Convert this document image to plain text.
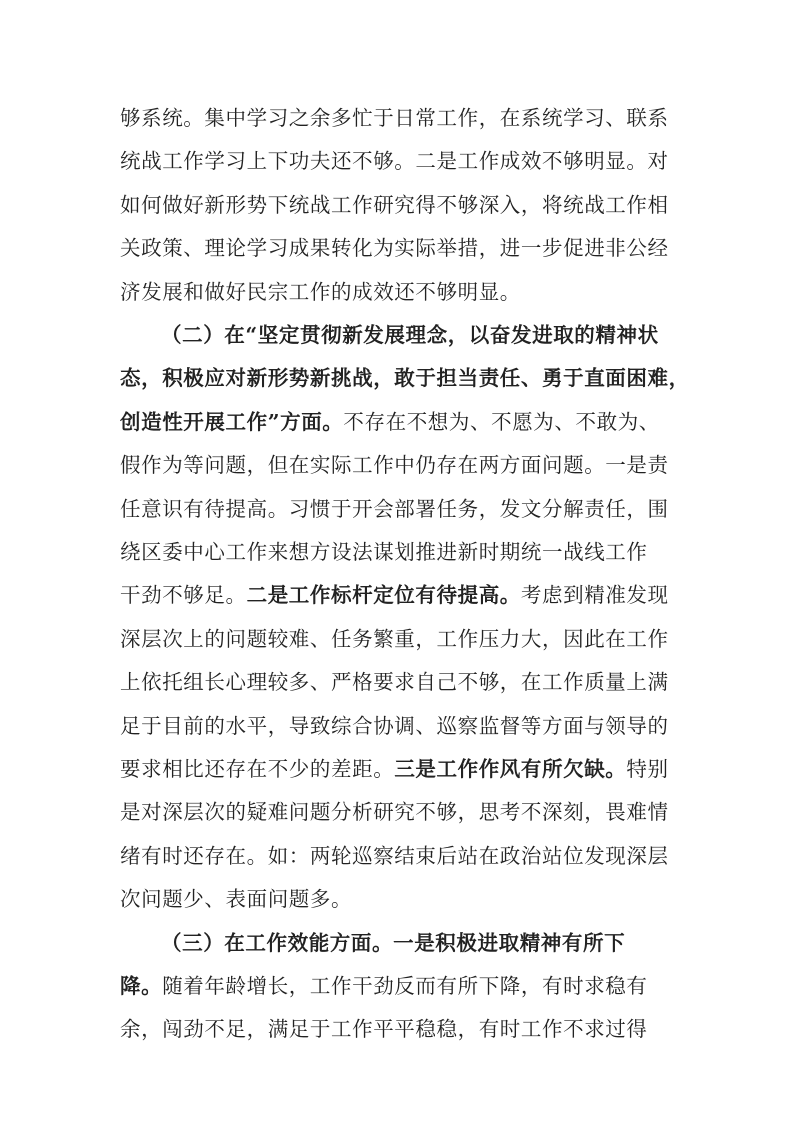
够系统。集中学习之余多忙于日常工作，在系统学习、联系
统战工作学习上下功夫还不够。二是工作成效不够明显。对
如何做好新形势下统战工作研究得不够深入，将统战工作相
关政策、理论学习成果转化为实际举措，进一步促进非公经
济发展和做好民宗工作的成效还不够明显。
（二）在“坚定贯彻新发展理念，以奋发进取的精神状
态，积极应对新形势新挑战，敢于担当责任、勇于直面困难，
创造性开展工作”方面。不存在不想为、不愿为、不敢为、
假作为等问题，但在实际工作中仍存在两方面问题。一是责
任意识有待提高。习惯于开会部署任务，发文分解责任，围
绕区委中心工作来想方设法谋划推进新时期统一战线工作
干劲不够足。二是工作标杆定位有待提高。考虑到精准发现
深层次上的问题较难、任务繁重，工作压力大，因此在工作
上依托组长心理较多、严格要求自己不够，在工作质量上满
足于目前的水平，导致综合协调、巡察监督等方面与领导的
要求相比还存在不少的差距。三是工作作风有所欠缺。特别
是对深层次的疑难问题分析研究不够，思考不深刻，畏难情
绪有时还存在。如：两轮巡察结束后站在政治站位发现深层
次问题少、表面问题多。
（三）在工作效能方面。一是积极进取精神有所下
降。随着年龄增长，工作干劲反而有所下降，有时求稳有
余，闯劲不足，满足于工作平平稳稳，有时工作不求过得
